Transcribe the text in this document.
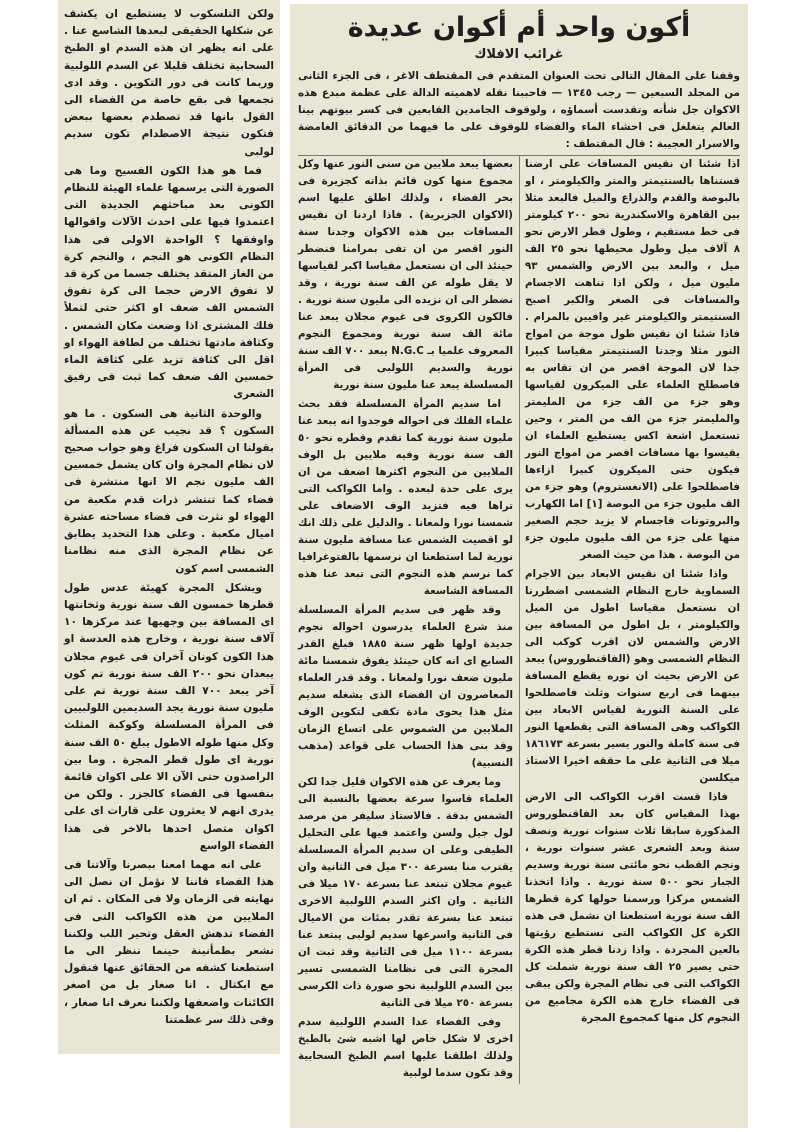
ولكن التلسكوب لا يستطيع ان يكشف عن شكلها الحقيقى لبعدها الشاسع عنا . على انه يظهر ان هذه السدم او الطبخ السحابية تختلف قليلا عن السدم اللولبية وربما كانت فى دور التكوين . وقد ادى تجمعها فى بقع خاصة من الفضاء الى القول بانها قد تصطدم بعضها ببعض فتكون نتيجة الاصطدام تكون سديم لولبى

فما هو هذا الكون الفسيح وما هى الصورة التى يرسمها علماء الهيئة للنظام الكونى بعد مباحثهم الجديدة التى اعتمدوا فيها على احدث الآلات واقوالها واوفقها ؟ الواحدة الاولى فى هذا النظام الكونى هو النجم ، والنجم كرة من الغاز المتقد يختلف جسما من كرة قد لا تفوق الارض حجما الى كرة تفوق الشمس الف ضعف او اكثر حتى لتملأ فلك المشترى اذا وضعت مكان الشمس . وكثافة مادتها تختلف من لطافة الهواء او اقل الى كثافة تزيد على كثافة الماء خمسين الف ضعف كما ثبت فى رفيق الشعرى

والوحدة الثانية هى السكون . ما هو السكون ؟ قد نجيب عن هذه المسألة بقولنا ان السكون فراغ وهو جواب صحيح لان نظام المجرة وان كان يشمل خمسين الف مليون نجم الا انها منتشرة فى فضاء كما تنتشر ذرات قدم مكعبة من الهواء لو نثرت فى فضاء مساحته عشرة اميال مكعبة . وعلى هذا التحديد يطابق عن نظام المجرة الذى منه نظامنا الشمسى اسم كون

ويشكل المجرة كهيئة عدس طول قطرها خمسون الف سنة نورية وثخانتها اى المسافة بين وجهيها عند مركزها ١٠ آلاف سنة نورية ، وخارج هذه العدسة او هذا الكون كونان آخران فى غيوم مجلان يبعدان نحو ٢٠٠ الف سنة نورية تم كون آخر يبعد ٧٠٠ الف سنة نورية تم على مليون سنة نورية يجد السديمين اللولبيين فى المرأة المسلسلة وكوكبة المثلث وكل منها طوله الاطول يبلغ ٥٠ الف سنة نورية اى طول قطر المجرة . وما بين الراصدون حتى الآن الا على اكوان قائمة بنفسها فى الفضاء كالجزر . ولكن من يدرى انهم لا يعثرون على قارات اى على اكوان متصل احدها بالاخر فى هذا الفضاء الواسع

على انه مهما امعنا ببصرنا وآلاتنا فى هذا الفضاء فاننا لا نؤمل ان نصل الى نهايته فى الزمان ولا فى المكان . ثم ان الملايين من هذه الكواكب التى فى الفضاء تدهش العقل وتحير اللب ولكننا نشعر بطمأنينة حينما ننظر الى ما استطعنا كشفه من الحقائق عنها فنقول مع ابكتال . انا صغار بل من اصغر الكائنات واضعفها ولكننا نعرف انا صغار ، وفى ذلك سر عظمتنا

أكون واحد أم أكوان عديدة
غرائب الافلاك
وقفنا على المقال التالى تحت العنوان المتقدم فى المقتطف الاغر ، فى الجزء الثانى من المجلد السبعين — رجب ١٣٤٥ — فاحببنا نقله لاهميته الدالة على عظمة مبدع هذه الاكوان جل شأنه وتقدست أسماؤه ، ولوقوف الجامدين القابعين فى كسر بيوتهم بينا العالم يتغلغل فى احشاء الماء والفضاء للوقوف على ما فيهما من الدقائق الغامضة والاسرار العجيبة : قال المقتطف :

اذا شئنا ان نقيس المسافات على ارضنا قستناها بالسنتيمتر والمتر والكيلومتر ، او بالبوصة والقدم والذراع والميل فالبعد مثلا بين القاهرة والاسكندرية نحو ٢٠٠ كيلومتر فى خط مستقيم ، وطول قطر الارض نحو ٨ آلاف ميل وطول محيطها نحو ٢٥ الف ميل ، والبعد بين الارض والشمس ٩٣ مليون ميل ، ولكن اذا تناهت الاجسام والمسافات فى الصغر والكبر اصبح السنتيمتر والكيلومتر غير وافيين بالمرام . فاذا شئنا ان نقيس طول موجة من امواج النور مثلا وجدنا السنتيمتر مقياسا كبيرا جدا لان الموجة اقصر من ان تقاس به فاصطلح العلماء على الميكرون لقياسها وهو جزء من الف جزء من المليمتر والمليمتر جزء من الف من المتر ، وحين تستعمل اشعة اكس يستطيع العلماء ان يقيسوا بها مسافات اقصر من امواج النور فيكون حتى الميكرون كبيرا ازاءها فاصطلحوا على (الانغستروم) وهو جزء من الف مليون جزء من البوصة [١] اما الكهارب والبروتونات فاجسام لا يزيد حجم الصغير منها على جزء من الف مليون مليون جزء من البوصة . هذا من حيث الصغر

واذا شئنا ان نقيس الابعاد بين الاجرام السماوية خارج النظام الشمسى اضطررنا ان نستعمل مقياسا اطول من الميل والكيلومتر ، بل اطول من المسافة بين الارض والشمس لان اقرب كوكب الى النظام الشمسى وهو (الفاقنطوروس) يبعد عن الارض بحيث ان نوره يقطع المسافة بينهما فى اربع سنوات وثلث فاصطلحوا على السنة النورية لقياس الابعاد بين الكواكب وهى المسافة التى يقطعها النور فى سنة كاملة والنور يسير بسرعة ١٨٦١٧٣ ميلا فى الثانية على ما حققه اخيرا الاستاذ ميكلسن

فاذا قست اقرب الكواكب الى الارض بهذا المقياس كان بعد الفاقنطوروس المذكورة سابقا ثلاث سنوات نورية ونصف سنة وبعد الشعرى عشر سنوات نورية ، ونجم القطب نحو مائتى سنة نورية وسديم الجبار نحو ٥٠٠ سنة نورية . واذا اتخذنا الشمس مركزا ورسمنا حولها كرة قطرها الف سنة نورية استطعنا ان نشمل فى هذه الكرة كل الكواكب التى نستطيع رؤيتها بالعين المجردة . واذا زدنا قطر هذه الكرة حتى يصير ٢٥ الف سنة نورية شملت كل الكواكب التى فى نظام المجرة ولكن يبقى فى الفضاء خارج هذه الكرة مجاميع من النجوم كل منها كمجموع المجرة

بعضها يبعد ملايين من سنى النور عنها وكل مجموع منها كون قائم بذاته كجزيرة فى بحر الفضاء ، ولذلك اطلق عليها اسم (الاكوان الجزيرية) . فاذا اردنا ان نقيس المسافات بين هذه الاكوان وجدنا سنة النور اقصر من ان تفى بمرامنا فنضطر حينئذ الى ان نستعمل مقياسا اكبر لقياسها لا يقل طوله عن الف سنة نورية ، وقد نضطر الى ان نزيده الى مليون سنة نورية . فالكون الكروى فى غيوم مجلان يبعد عنا مائة الف سنة نورية ومجموع النجوم المعروف علميا بـ N.G.C يبعد ٧٠٠ الف سنة نورية والسديم اللولبى فى المرأة المسلسلة يبعد عنا مليون سنة نورية

اما سديم المرأة المسلسلة فقد بحث علماء الفلك فى احواله فوجدوا انه يبعد عنا مليون سنة نورية كما تقدم وقطره نحو ٥٠ الف سنة نورية وفيه ملايين بل الوف الملايين من النجوم اكثرها اضعف من ان يرى على حدة لبعده . واما الكواكب التى تراها فيه فتزيد الوف الاضعاف على شمسنا نورا ولمعانا . والدليل على ذلك انك لو اقصيت الشمس عنا مسافة مليون سنة نورية لما استطعنا ان نرسمها بالفتوغرافيا كما نرسم هذه النجوم التى تبعد عنا هذه المسافة الشاسعة

وقد ظهر فى سديم المرأة المسلسلة منذ شرع العلماء يدرسون احواله نجوم جديدة اولها ظهر سنة ١٨٨٥ فبلغ القدر السابع اى انه كان حينئذ يفوق شمسنا مائة مليون ضعف نورا ولمعانا . وقد قدر العلماء المعاصرون ان الفضاء الذى يشغله سديم مثل هذا يحوى مادة تكفى لتكوين الوف الملايين من الشموس على اتساع الزمان وقد بنى هذا الحساب على قواعد (مذهب النسبية)

وما يعرف عن هذه الاكوان قليل جدا لكن العلماء قاسوا سرعة بعضها بالنسبة الى الشمس بدقة . فالاستاذ سليفر من مرصد لول جيل ولسن واعتمد فيها على التحليل الطيفى وعلى ان سديم المرأة المسلسلة يقترب منا بسرعة ٣٠٠ ميل فى الثانية وان غيوم مجلان تبتعد عنا بسرعة ١٧٠ ميلا فى الثانية . وان اكثر السدم اللولبية الاخرى تبتعد عنا بسرعة تقدر بمئات من الاميال فى الثانية واسرعها سديم لولبى يبتعد عنا بسرعة ١١٠٠ ميل فى الثانية وقد ثبت ان المجرة التى فى نظامنا الشمسى تسير بين السدم اللولبية نحو صورة ذات الكرسى بسرعة ٢٥٠ ميلا فى الثانية

وفى الفضاء عدا السدم اللولبية سدم اخرى لا شكل خاص لها اشبه شئ بالطبخ ولذلك اطلقنا عليها اسم الطبخ السحابية وقد تكون سدما لولبية
